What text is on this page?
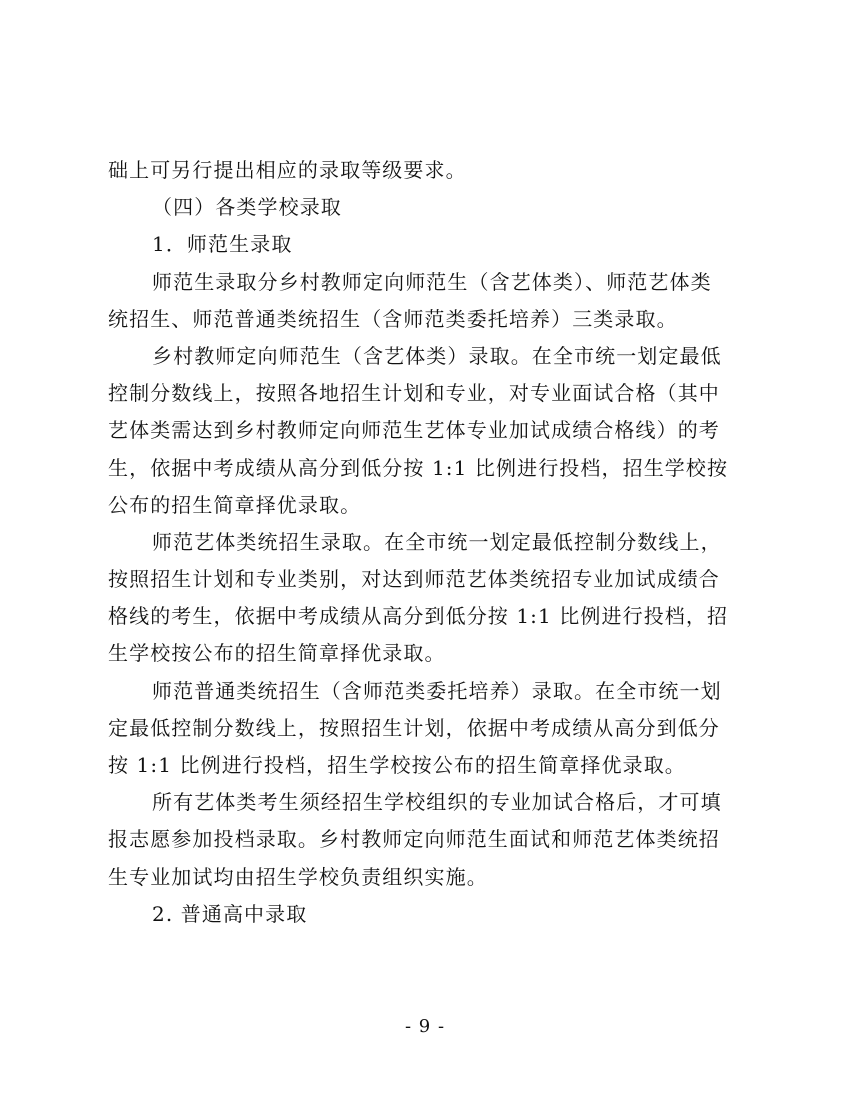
础上可另行提出相应的录取等级要求。
（四）各类学校录取
1．师范生录取
师范生录取分乡村教师定向师范生（含艺体类）、师范艺体类
统招生、师范普通类统招生（含师范类委托培养）三类录取。
乡村教师定向师范生（含艺体类）录取。在全市统一划定最低
控制分数线上，按照各地招生计划和专业，对专业面试合格（其中
艺体类需达到乡村教师定向师范生艺体专业加试成绩合格线）的考
生，依据中考成绩从高分到低分按 1:1 比例进行投档，招生学校按
公布的招生简章择优录取。
师范艺体类统招生录取。在全市统一划定最低控制分数线上，
按照招生计划和专业类别，对达到师范艺体类统招专业加试成绩合
格线的考生，依据中考成绩从高分到低分按 1:1 比例进行投档，招
生学校按公布的招生简章择优录取。
师范普通类统招生（含师范类委托培养）录取。在全市统一划
定最低控制分数线上，按照招生计划，依据中考成绩从高分到低分
按 1:1 比例进行投档，招生学校按公布的招生简章择优录取。
所有艺体类考生须经招生学校组织的专业加试合格后，才可填
报志愿参加投档录取。乡村教师定向师范生面试和师范艺体类统招
生专业加试均由招生学校负责组织实施。
2. 普通高中录取
- 9 -
